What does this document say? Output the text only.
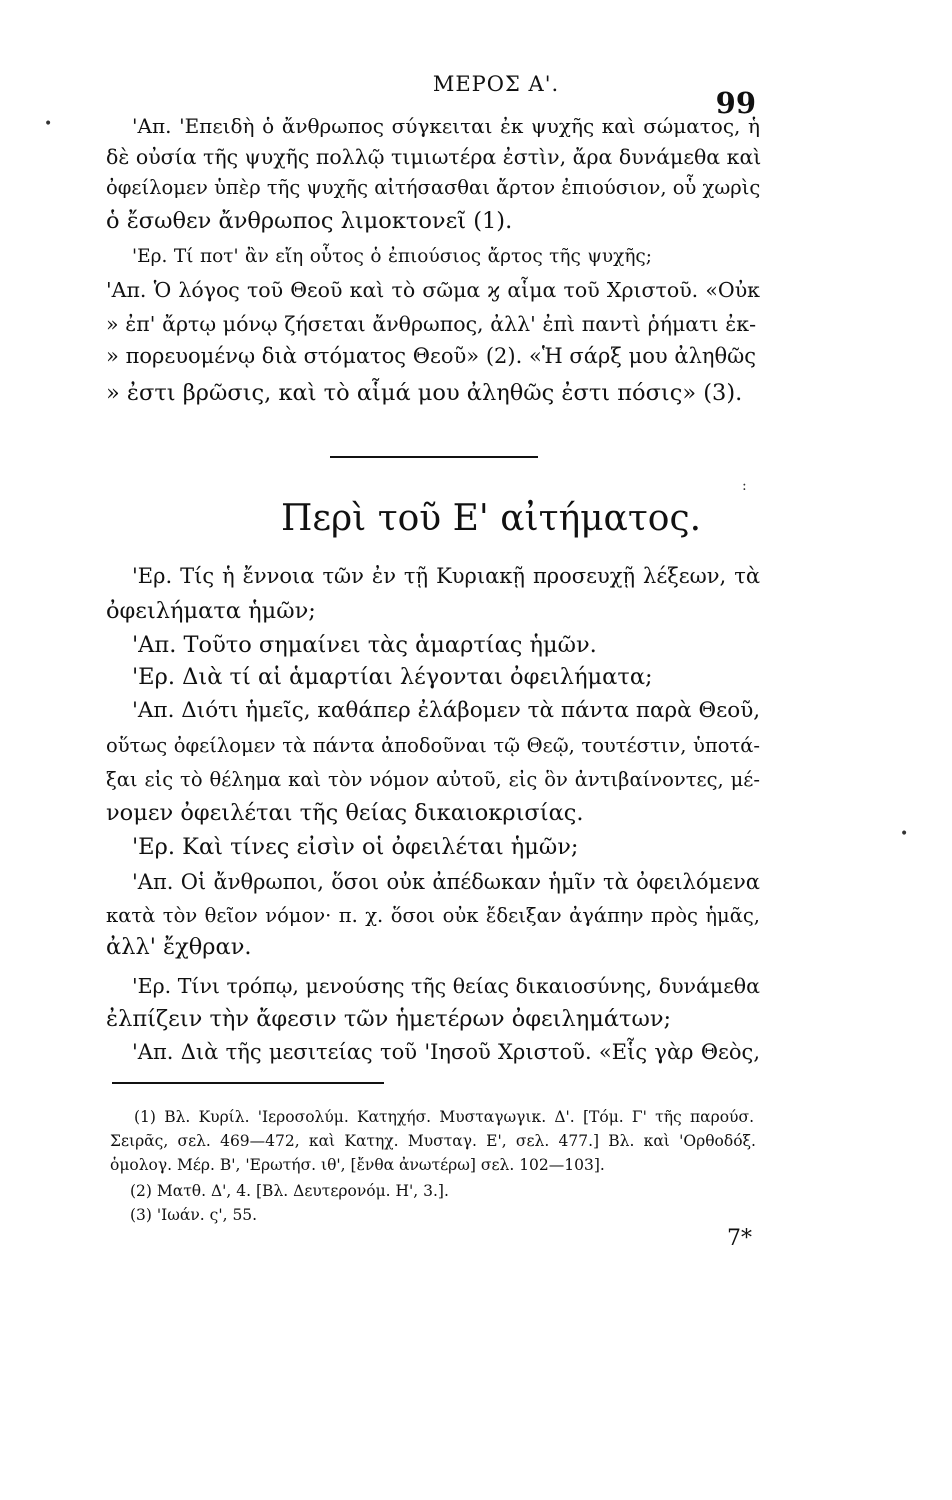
ΜΕΡΟΣ Α'.
99
•	'Απ. 'Επειδὴ ὁ ἄνθρωπος σύγκειται ἐκ ψυχῆς καὶ σώματος, ἡ
δὲ οὐσία τῆς ψυχῆς πολλῷ τιμιωτέρα ἐστὶν, ἄρα δυνάμεθα καὶ
ὀφείλομεν ὑπὲρ τῆς ψυχῆς αἰτήσασθαι ἄρτον ἐπιούσιον, οὗ χωρὶς
ὁ ἔσωθεν ἄνθρωπος λιμοκτονεῖ (1).
'Ερ. Τί ποτ' ἂν εἴη οὗτος ὁ ἐπιούσιος ἄρτος τῆς ψυχῆς;
'Απ. Ὁ λόγος τοῦ Θεοῦ καὶ τὸ σῶμα ϗ αἷμα τοῦ Χριστοῦ. «Οὐκ
» ἐπ' ἄρτῳ μόνῳ ζήσεται ἄνθρωπος, ἀλλ' ἐπὶ παντὶ ῥήματι ἐκ-
» πορευομένῳ διὰ στόματος Θεοῦ» (2). «Ἡ σάρξ μου ἀληθῶς
» ἐστι βρῶσις, καὶ τὸ αἷμά μου ἀληθῶς ἐστι πόσις» (3).
Περὶ τοῦ Ε' αἰτήματος.
'Ερ. Τίς ἡ ἔννοια τῶν ἐν τῇ Κυριακῇ προσευχῇ λέξεων, τὰ
ὀφειλήματα ἡμῶν;
'Απ. Τοῦτο σημαίνει τὰς ἁμαρτίας ἡμῶν.
'Ερ. Διὰ τί αἱ ἁμαρτίαι λέγονται ὀφειλήματα;
'Απ. Διότι ἡμεῖς, καθάπερ ἐλάβομεν τὰ πάντα παρὰ Θεοῦ,
οὕτως ὀφείλομεν τὰ πάντα ἀποδοῦναι τῷ Θεῷ, τουτέστιν, ὑποτά-
ξαι εἰς τὸ θέλημα καὶ τὸν νόμον αὐτοῦ, εἰς ὃν ἀντιβαίνοντες, μέ-
νομεν ὀφειλέται τῆς θείας δικαιοκρισίας.
'Ερ. Καὶ τίνες εἰσὶν οἱ ὀφειλέται ἡμῶν;
'Απ. Οἱ ἄνθρωποι, ὅσοι οὐκ ἀπέδωκαν ἡμῖν τὰ ὀφειλόμενα
κατὰ τὸν θεῖον νόμον· π. χ. ὅσοι οὐκ ἔδειξαν ἀγάπην πρὸς ἡμᾶς,
ἀλλ' ἔχθραν.
'Ερ. Τίνι τρόπῳ, μενούσης τῆς θείας δικαιοσύνης, δυνάμεθα
ἐλπίζειν τὴν ἄφεσιν τῶν ἡμετέρων ὀφειλημάτων;
'Απ. Διὰ τῆς μεσιτείας τοῦ 'Ιησοῦ Χριστοῦ. «Εἷς γὰρ Θεὸς,
(1) Βλ. Κυρίλ. 'Ιεροσολύμ. Κατηχήσ. Μυσταγωγικ. Δ'. [Τόμ. Γ' τῆς παρούσ.
Σειρᾶς, σελ. 469—472, καὶ Κατηχ. Μυσταγ. Ε', σελ. 477.] Βλ. καὶ 'Ορθοδόξ.
ὁμολογ. Μέρ. Β', 'Ερωτήσ. ιθ', [ἔνθα ἀνωτέρω] σελ. 102—103].
(2) Ματθ. Δ', 4. [Βλ. Δευτερονόμ. Η', 3.].
(3) 'Ιωάν. ς', 55.
7*
:
•
